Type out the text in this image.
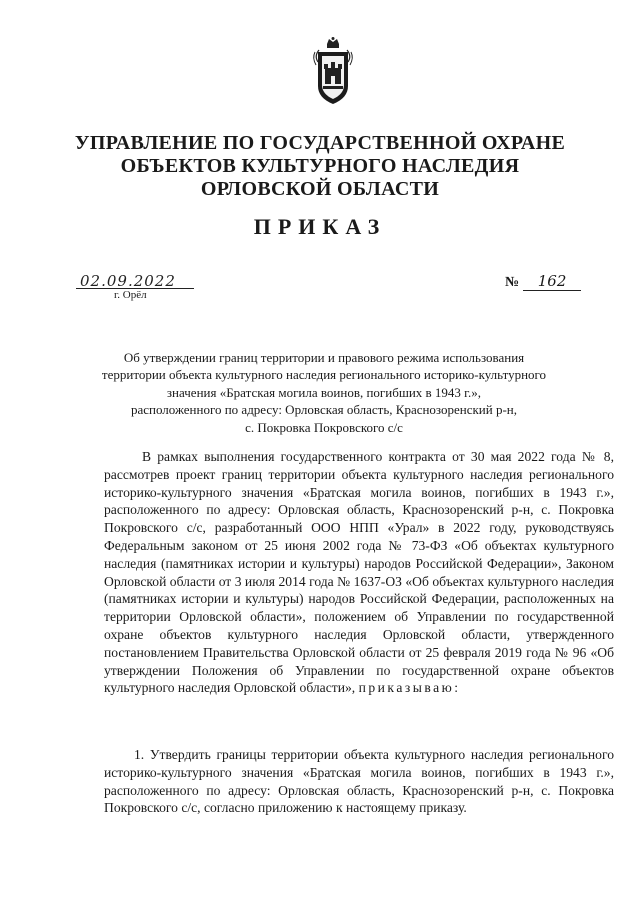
УПРАВЛЕНИЕ ПО ГОСУДАРСТВЕННОЙ ОХРАНЕ
ОБЪЕКТОВ КУЛЬТУРНОГО НАСЛЕДИЯ
ОРЛОВСКОЙ ОБЛАСТИ
ПРИКАЗ
02.09.2022
г. Орёл
№ 162
Об утверждении границ территории и правового режима использования
территории объекта культурного наследия регионального историко-культурного
значения «Братская могила воинов, погибших в 1943 г.»,
расположенного по адресу: Орловская область, Краснозоренский р-н,
с. Покровка Покровского с/с

В рамках выполнения государственного контракта от 30 мая 2022 года № 8, рассмотрев проект границ территории объекта культурного наследия регионального историко-культурного значения «Братская могила воинов, погибших в 1943 г.», расположенного по адресу: Орловская область, Краснозоренский р-н, с. Покровка Покровского с/с, разработанный ООО НПП «Урал» в 2022 году, руководствуясь Федеральным законом от 25 июня 2002 года № 73-ФЗ «Об объектах культурного наследия (памятниках истории и культуры) народов Российской Федерации», Законом Орловской области от 3 июля 2014 года № 1637-ОЗ «Об объектах культурного наследия (памятниках истории и культуры) народов Российской Федерации, расположенных на территории Орловской области», положением об Управлении по государственной охране объектов культурного наследия Орловской области, утвержденного постановлением Правительства Орловской области от 25 февраля 2019 года № 96 «Об утверждении Положения об Управлении по государственной охране объектов культурного наследия Орловской области», приказываю:

1. Утвердить границы территории объекта культурного наследия регионального историко-культурного значения «Братская могила воинов, погибших в 1943 г.», расположенного по адресу: Орловская область, Краснозоренский р-н, с. Покровка Покровского с/с, согласно приложению к настоящему приказу.
